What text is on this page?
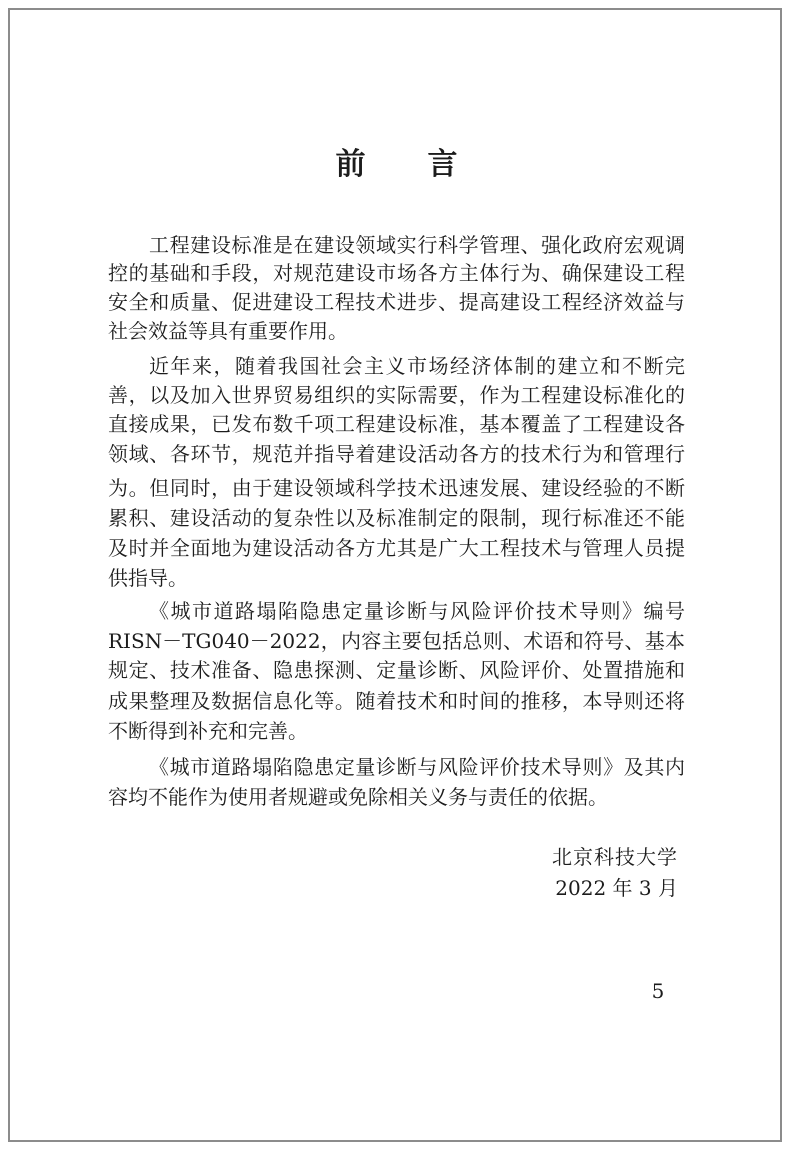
前言
工程建设标准是在建设领域实行科学管理、强化政府宏观调
控的基础和手段，对规范建设市场各方主体行为、确保建设工程
安全和质量、促进建设工程技术进步、提高建设工程经济效益与
社会效益等具有重要作用。
近年来，随着我国社会主义市场经济体制的建立和不断完
善，以及加入世界贸易组织的实际需要，作为工程建设标准化的
直接成果，已发布数千项工程建设标准，基本覆盖了工程建设各
领域、各环节，规范并指导着建设活动各方的技术行为和管理行
为。但同时，由于建设领域科学技术迅速发展、建设经验的不断
累积、建设活动的复杂性以及标准制定的限制，现行标准还不能
及时并全面地为建设活动各方尤其是广大工程技术与管理人员提
供指导。
《城市道路塌陷隐患定量诊断与风险评价技术导则》编号
RISN－TG040－2022，内容主要包括总则、术语和符号、基本
规定、技术准备、隐患探测、定量诊断、风险评价、处置措施和
成果整理及数据信息化等。随着技术和时间的推移，本导则还将
不断得到补充和完善。
《城市道路塌陷隐患定量诊断与风险评价技术导则》及其内
容均不能作为使用者规避或免除相关义务与责任的依据。
北京科技大学
2022 年 3 月
5
